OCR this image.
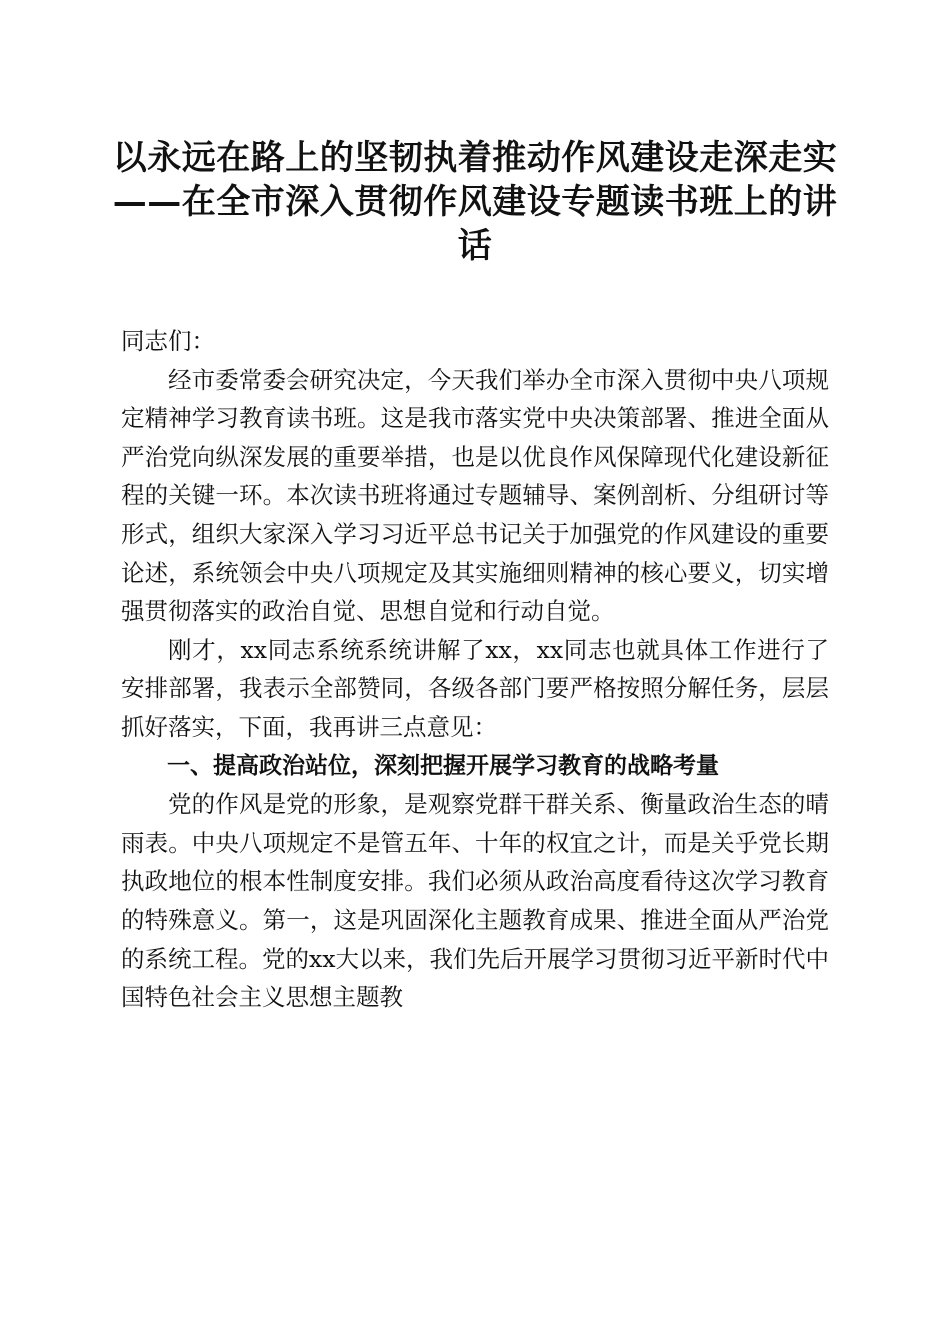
以永远在路上的坚韧执着推动作风建设走深走实——在全市深入贯彻作风建设专题读书班上的讲话

同志们：

经市委常委会研究决定，今天我们举办全市深入贯彻中央八项规定精神学习教育读书班。这是我市落实党中央决策部署、推进全面从严治党向纵深发展的重要举措，也是以优良作风保障现代化建设新征程的关键一环。本次读书班将通过专题辅导、案例剖析、分组研讨等形式，组织大家深入学习习近平总书记关于加强党的作风建设的重要论述，系统领会中央八项规定及其实施细则精神的核心要义，切实增强贯彻落实的政治自觉、思想自觉和行动自觉。

刚才，xx同志系统系统讲解了xx，xx同志也就具体工作进行了安排部署，我表示全部赞同，各级各部门要严格按照分解任务，层层抓好落实，下面，我再讲三点意见：

一、提高政治站位，深刻把握开展学习教育的战略考量

党的作风是党的形象，是观察党群干群关系、衡量政治生态的晴雨表。中央八项规定不是管五年、十年的权宜之计，而是关乎党长期执政地位的根本性制度安排。我们必须从政治高度看待这次学习教育的特殊意义。第一，这是巩固深化主题教育成果、推进全面从严治党的系统工程。党的xx大以来，我们先后开展学习贯彻习近平新时代中国特色社会主义思想主题教
